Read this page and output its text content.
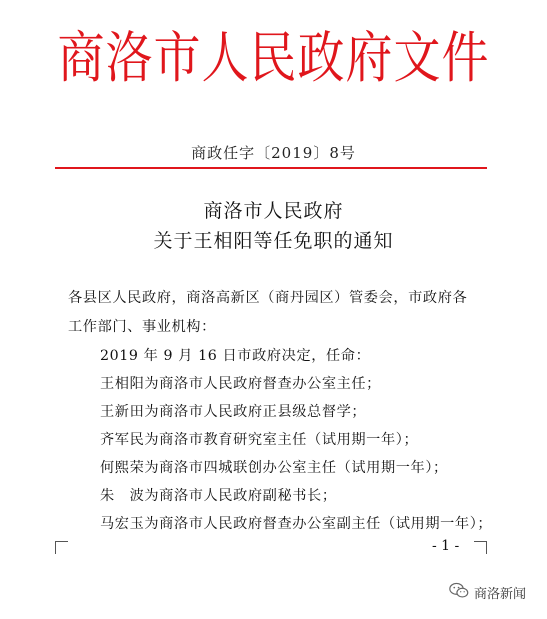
商洛市人民政府文件
商政任字〔2019〕8号
商洛市人民政府
关于王相阳等任免职的通知
各县区人民政府，商洛高新区（商丹园区）管委会，市政府各
工作部门、事业机构：
2019 年 9 月 16 日市政府决定，任命：
王相阳为商洛市人民政府督查办公室主任；
王新田为商洛市人民政府正县级总督学；
齐军民为商洛市教育研究室主任（试用期一年）；
何熙荣为商洛市四城联创办公室主任（试用期一年）；
朱　波为商洛市人民政府副秘书长；
马宏玉为商洛市人民政府督查办公室副主任（试用期一年）；
- 1 -
商洛新闻
